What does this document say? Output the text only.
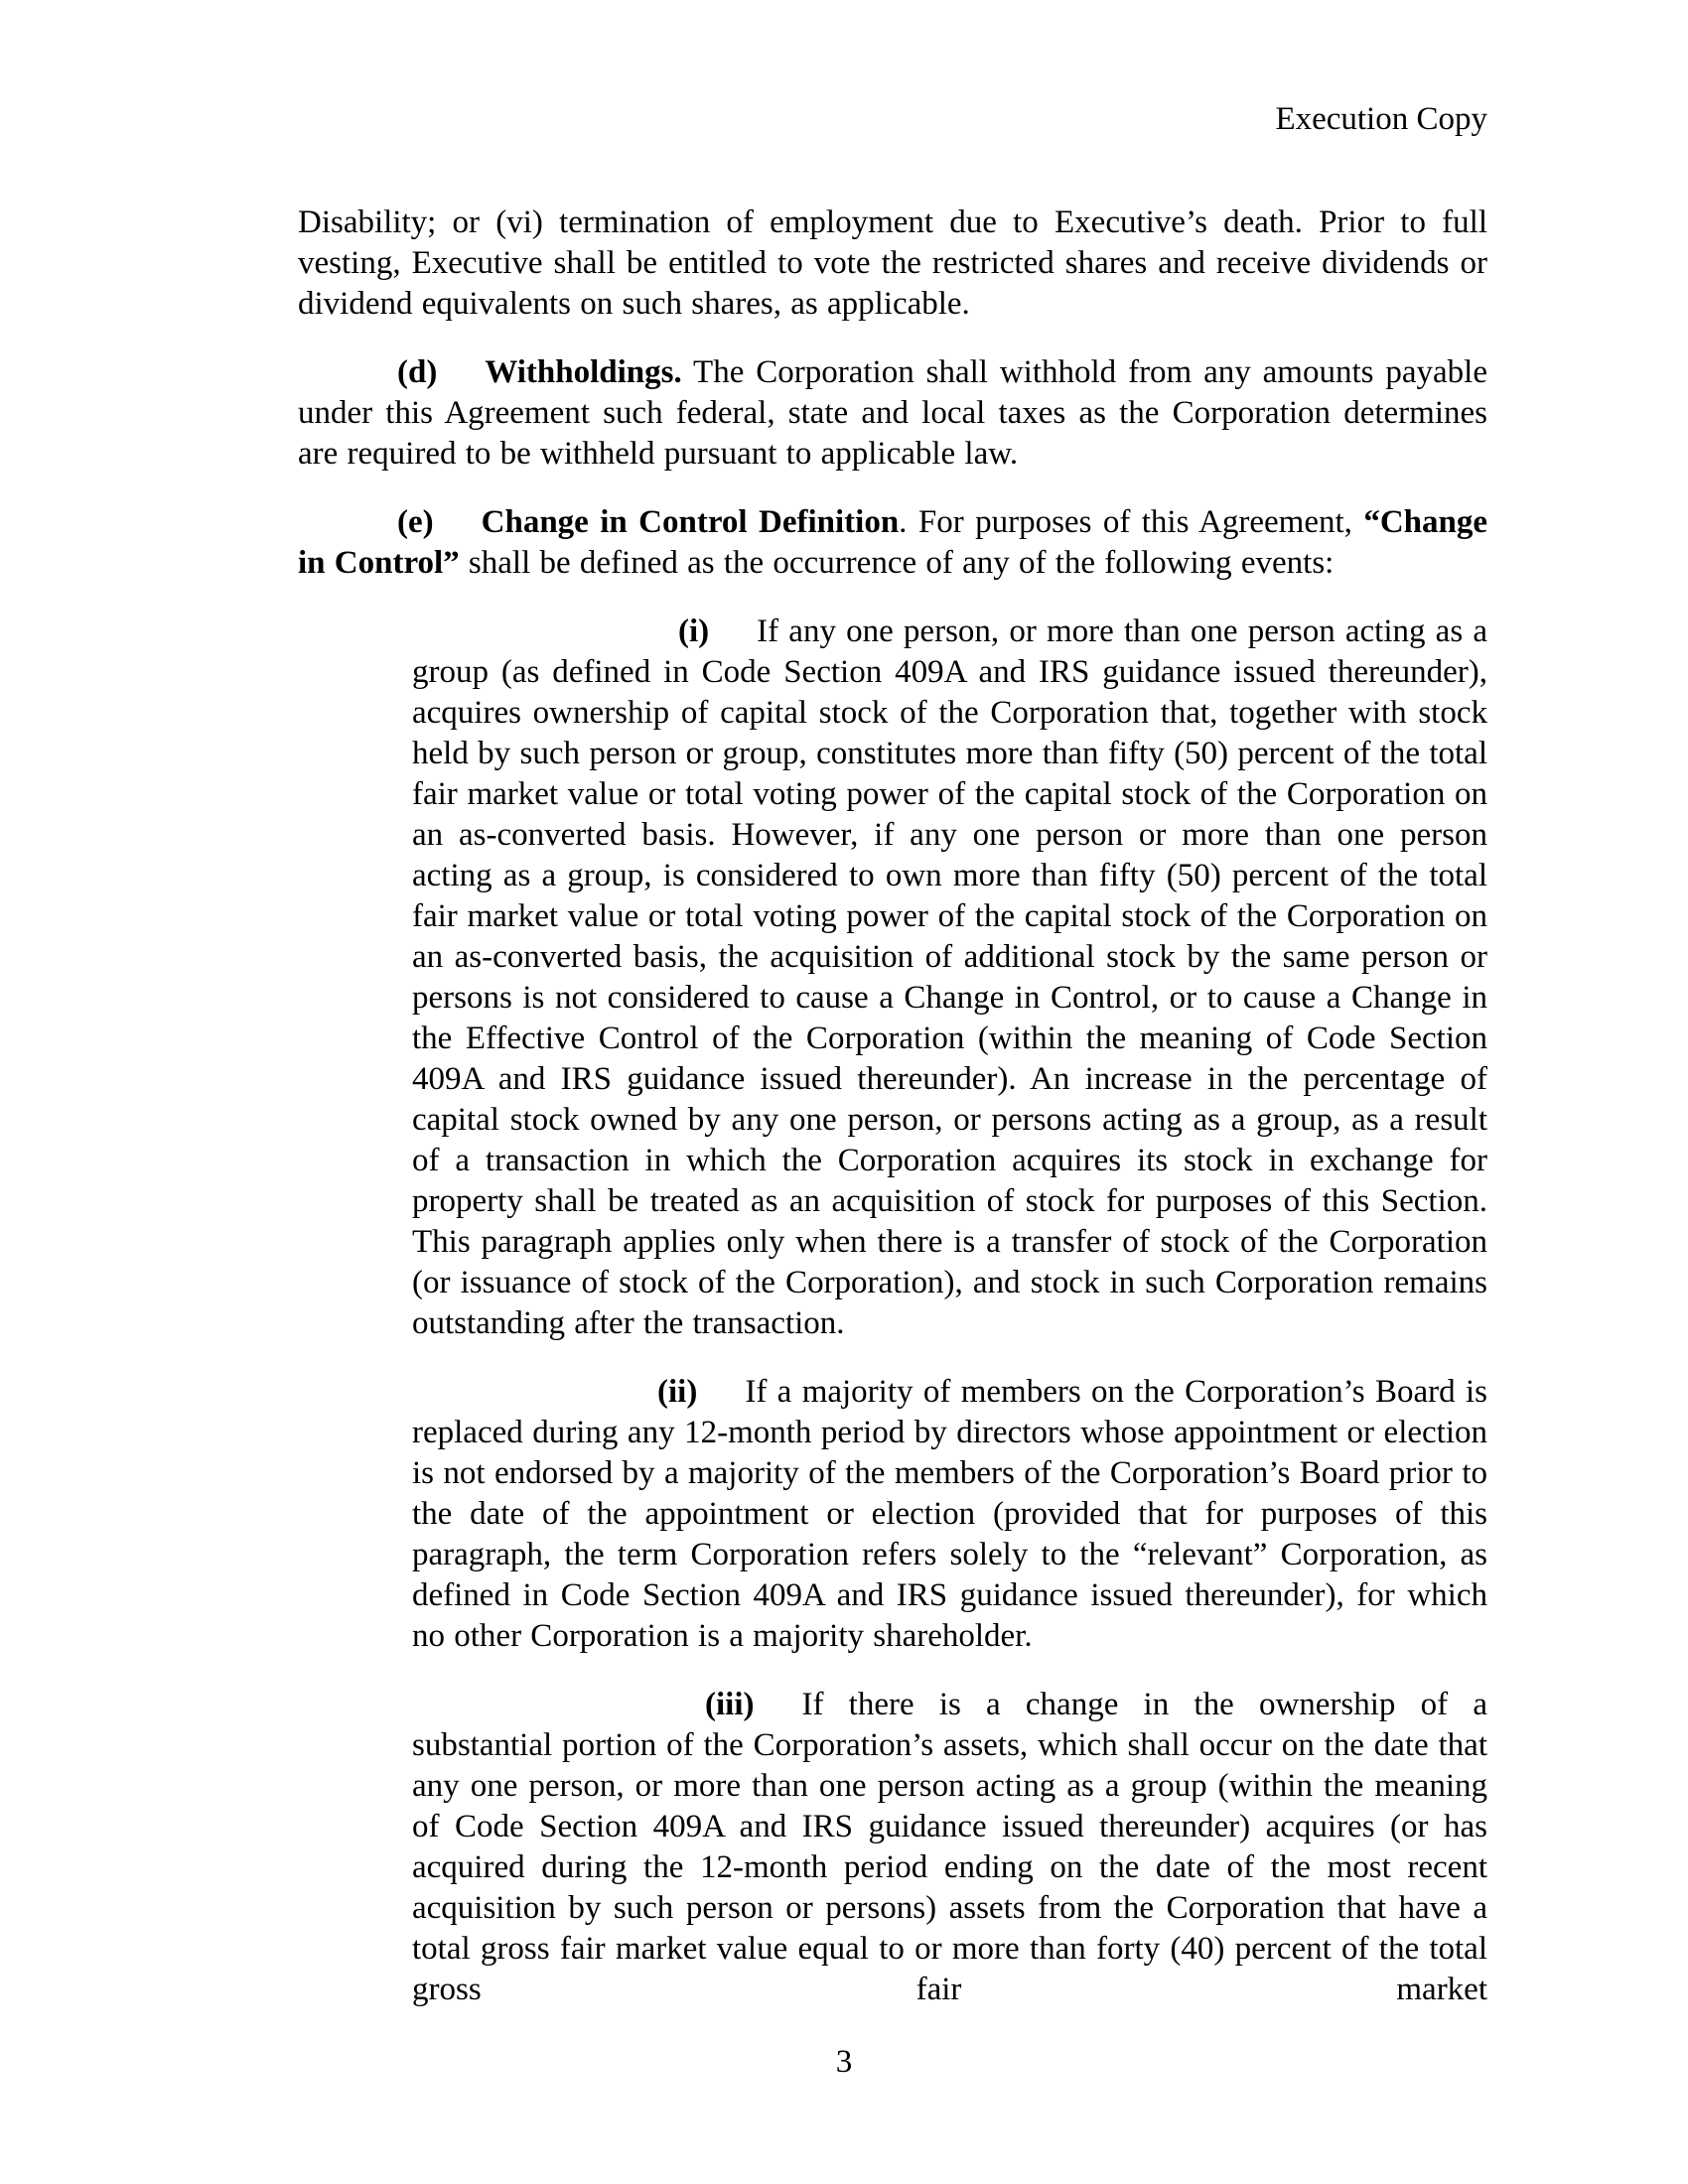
Execution Copy

Disability; or (vi) termination of employment due to Executive’s death. Prior to full vesting, Executive shall be entitled to vote the restricted shares and receive dividends or dividend equivalents on such shares, as applicable.

(d) Withholdings. The Corporation shall withhold from any amounts payable under this Agreement such federal, state and local taxes as the Corporation determines are required to be withheld pursuant to applicable law.

(e) Change in Control Definition. For purposes of this Agreement, “Change in Control” shall be defined as the occurrence of any of the following events:

(i) If any one person, or more than one person acting as a group (as defined in Code Section 409A and IRS guidance issued thereunder), acquires ownership of capital stock of the Corporation that, together with stock held by such person or group, constitutes more than fifty (50) percent of the total fair market value or total voting power of the capital stock of the Corporation on an as-converted basis. However, if any one person or more than one person acting as a group, is considered to own more than fifty (50) percent of the total fair market value or total voting power of the capital stock of the Corporation on an as-converted basis, the acquisition of additional stock by the same person or persons is not considered to cause a Change in Control, or to cause a Change in the Effective Control of the Corporation (within the meaning of Code Section 409A and IRS guidance issued thereunder). An increase in the percentage of capital stock owned by any one person, or persons acting as a group, as a result of a transaction in which the Corporation acquires its stock in exchange for property shall be treated as an acquisition of stock for purposes of this Section. This paragraph applies only when there is a transfer of stock of the Corporation (or issuance of stock of the Corporation), and stock in such Corporation remains outstanding after the transaction.

(ii) If a majority of members on the Corporation’s Board is replaced during any 12-month period by directors whose appointment or election is not endorsed by a majority of the members of the Corporation’s Board prior to the date of the appointment or election (provided that for purposes of this paragraph, the term Corporation refers solely to the “relevant” Corporation, as defined in Code Section 409A and IRS guidance issued thereunder), for which no other Corporation is a majority shareholder.

(iii) If there is a change in the ownership of a substantial portion of the Corporation’s assets, which shall occur on the date that any one person, or more than one person acting as a group (within the meaning of Code Section 409A and IRS guidance issued thereunder) acquires (or has acquired during the 12-month period ending on the date of the most recent acquisition by such person or persons) assets from the Corporation that have a total gross fair market value equal to or more than forty (40) percent of the total gross fair market

3
